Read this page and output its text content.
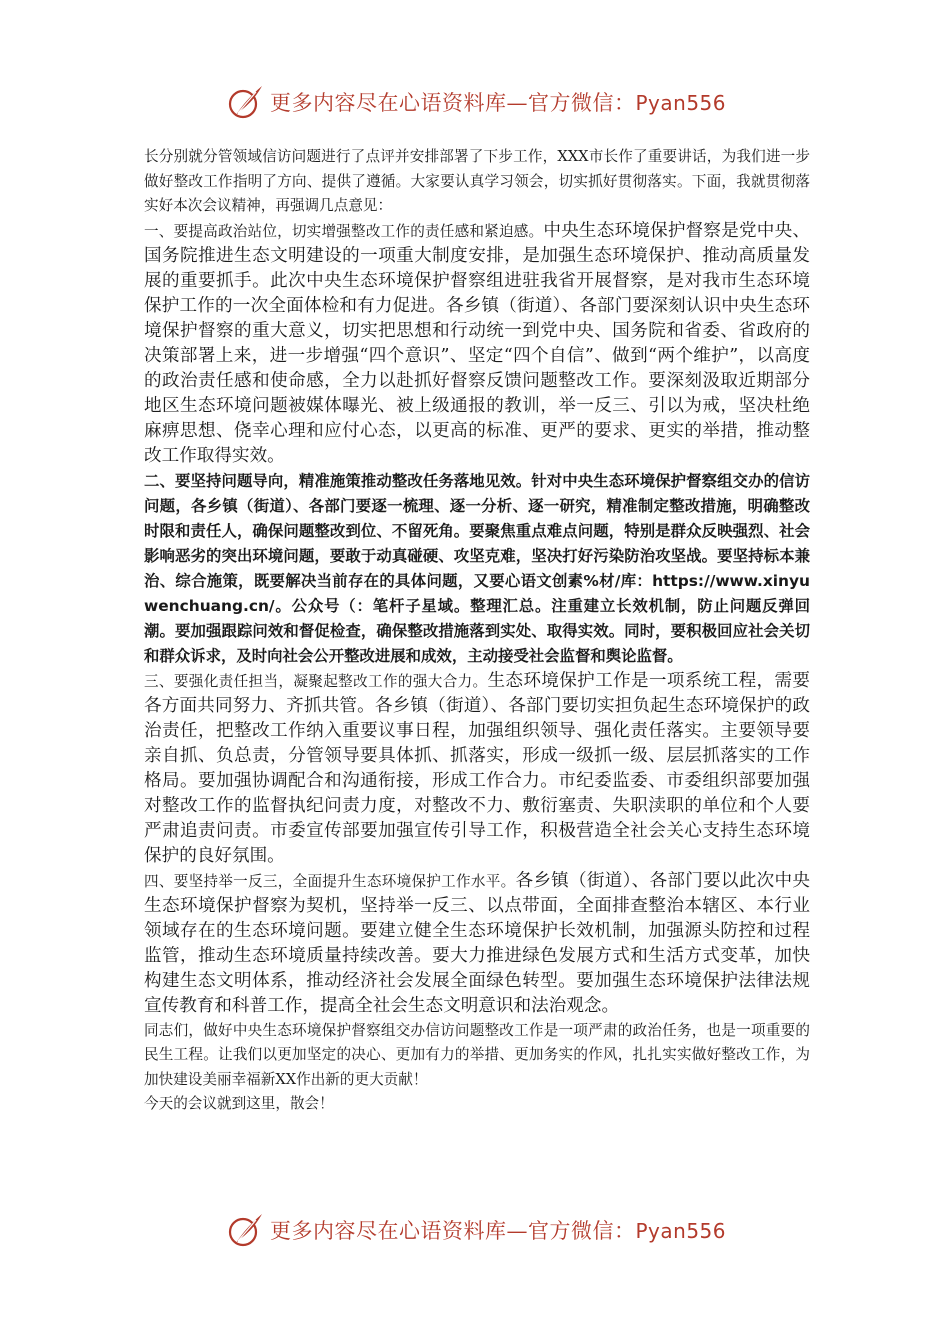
更多内容尽在心语资料库—官方微信：Pyan556

长分别就分管领域信访问题进行了点评并安排部署了下步工作，XXX市长作了重要讲话，为我们进一步做好整改工作指明了方向、提供了遵循。大家要认真学习领会，切实抓好贯彻落实。下面，我就贯彻落实好本次会议精神，再强调几点意见：

一、要提高政治站位，切实增强整改工作的责任感和紧迫感。中央生态环境保护督察是党中央、国务院推进生态文明建设的一项重大制度安排，是加强生态环境保护、推动高质量发展的重要抓手。此次中央生态环境保护督察组进驻我省开展督察，是对我市生态环境保护工作的一次全面体检和有力促进。各乡镇（街道）、各部门要深刻认识中央生态环境保护督察的重大意义，切实把思想和行动统一到党中央、国务院和省委、省政府的决策部署上来，进一步增强“四个意识”、坚定“四个自信”、做到“两个维护”，以高度的政治责任感和使命感，全力以赴抓好督察反馈问题整改工作。要深刻汲取近期部分地区生态环境问题被媒体曝光、被上级通报的教训，举一反三、引以为戒，坚决杜绝麻痹思想、侥幸心理和应付心态，以更高的标准、更严的要求、更实的举措，推动整改工作取得实效。

二、要坚持问题导向，精准施策推动整改任务落地见效。针对中央生态环境保护督察组交办的信访问题，各乡镇（街道）、各部门要逐一梳理、逐一分析、逐一研究，精准制定整改措施，明确整改时限和责任人，确保问题整改到位、不留死角。要聚焦重点难点问题，特别是群众反映强烈、社会影响恶劣的突出环境问题，要敢于动真碰硬、攻坚克难，坚决打好污染防治攻坚战。要坚持标本兼治、综合施策，既要解决当前存在的具体问题，又要心语文创素%材/库：https://www.xinyuwenchuang.cn/。公众号（：笔杆子星域。整理汇总。注重建立长效机制，防止问题反弹回潮。要加强跟踪问效和督促检查，确保整改措施落到实处、取得实效。同时，要积极回应社会关切和群众诉求，及时向社会公开整改进展和成效，主动接受社会监督和舆论监督。

三、要强化责任担当，凝聚起整改工作的强大合力。生态环境保护工作是一项系统工程，需要各方面共同努力、齐抓共管。各乡镇（街道）、各部门要切实担负起生态环境保护的政治责任，把整改工作纳入重要议事日程，加强组织领导、强化责任落实。主要领导要亲自抓、负总责，分管领导要具体抓、抓落实，形成一级抓一级、层层抓落实的工作格局。要加强协调配合和沟通衔接，形成工作合力。市纪委监委、市委组织部要加强对整改工作的监督执纪问责力度，对整改不力、敷衍塞责、失职渎职的单位和个人要严肃追责问责。市委宣传部要加强宣传引导工作，积极营造全社会关心支持生态环境保护的良好氛围。

四、要坚持举一反三，全面提升生态环境保护工作水平。各乡镇（街道）、各部门要以此次中央生态环境保护督察为契机，坚持举一反三、以点带面，全面排查整治本辖区、本行业领域存在的生态环境问题。要建立健全生态环境保护长效机制，加强源头防控和过程监管，推动生态环境质量持续改善。要大力推进绿色发展方式和生活方式变革，加快构建生态文明体系，推动经济社会发展全面绿色转型。要加强生态环境保护法律法规宣传教育和科普工作，提高全社会生态文明意识和法治观念。

同志们，做好中央生态环境保护督察组交办信访问题整改工作是一项严肃的政治任务，也是一项重要的民生工程。让我们以更加坚定的决心、更加有力的举措、更加务实的作风，扎扎实实做好整改工作，为加快建设美丽幸福新XX作出新的更大贡献！

今天的会议就到这里，散会！

更多内容尽在心语资料库—官方微信：Pyan556
